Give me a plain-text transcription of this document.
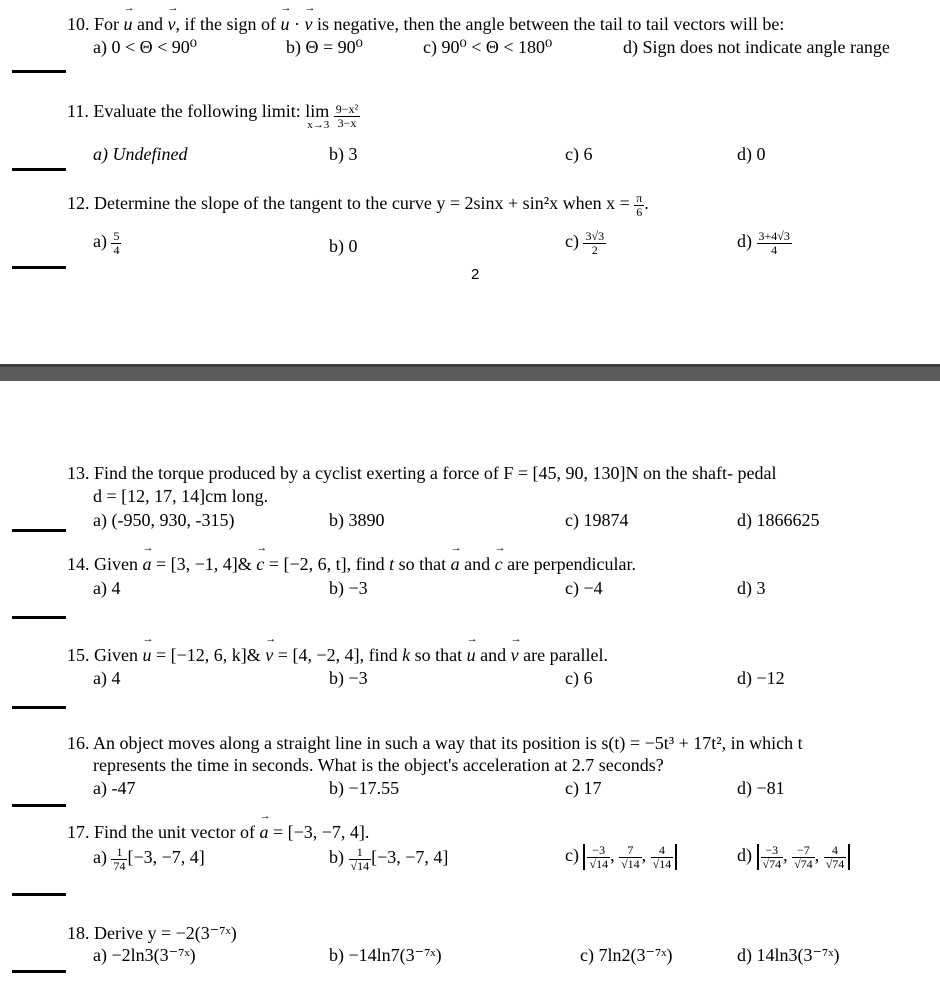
10. For u → and v →, if the sign of u → · v → is negative, then the angle between the tail to tail vectors will be:
a) 0 < Θ < 90⁰	b) Θ = 90⁰	c) 90⁰ < Θ < 180⁰	d) Sign does not indicate angle range
11. Evaluate the following limit: lim
x→3
$\frac{\text{9−x²}}{3-x}$
a) Undefined	b) 3	c) 6	d) 0
12. Determine the slope of the tangent to the curve y = 2sinx + sin²x when $x = \frac{\pi}{6}$ .
$a) \frac{5}{4}$	b) 0	$c) \frac{3√3}{2}$	$d) \frac{3+4√3}{4}$
2
13. Find the torque produced by a cyclist exerting a force of F = [45, 90, 130]N on the shaft- pedal
d = [12, 17, 14]cm long.
a) (-950, 930, -315)	b) 3890	c) 19874	d) 1866625
14. Given a → = [3, −1, 4]& c → = [−2, 6, t], find t so that a → and c → are perpendicular.
a) 4	b) −3	c) −4	d) 3
15. Given u → = [−12, 6, k]& v → = [4, −2, 4], find k so that u → and v → are parallel.
a) 4	b) −3	c) 6	d) −12
16. An object moves along a straight line in such a way that its position is s(t) = −5t³ + 17t², in which t
represents the time in seconds. What is the object's acceleration at 2.7 seconds?
a) -47	b) −17.55	c) 17	d) −81
17. Find the unit vector of a → = [−3, −7, 4].
$a) \frac{1}{74} [-3$, −7, 4]	$b) \frac{1}{√14} [-3$, −7, 4]	$c) \frac{-3}{√14}$ , $\frac{7}{√14}$ , $\frac{4}{√14}$	$d) \frac{-3}{√74}$ , $\frac{-7}{√74}$ , $\frac{4}{√74}$
18. Derive y = −2(3⁻⁷ˣ)
a) −2ln3(3⁻⁷ˣ)	b) −14ln7(3⁻⁷ˣ)	c) 7ln2(3⁻⁷ˣ)	d) 14ln3(3⁻⁷ˣ)
